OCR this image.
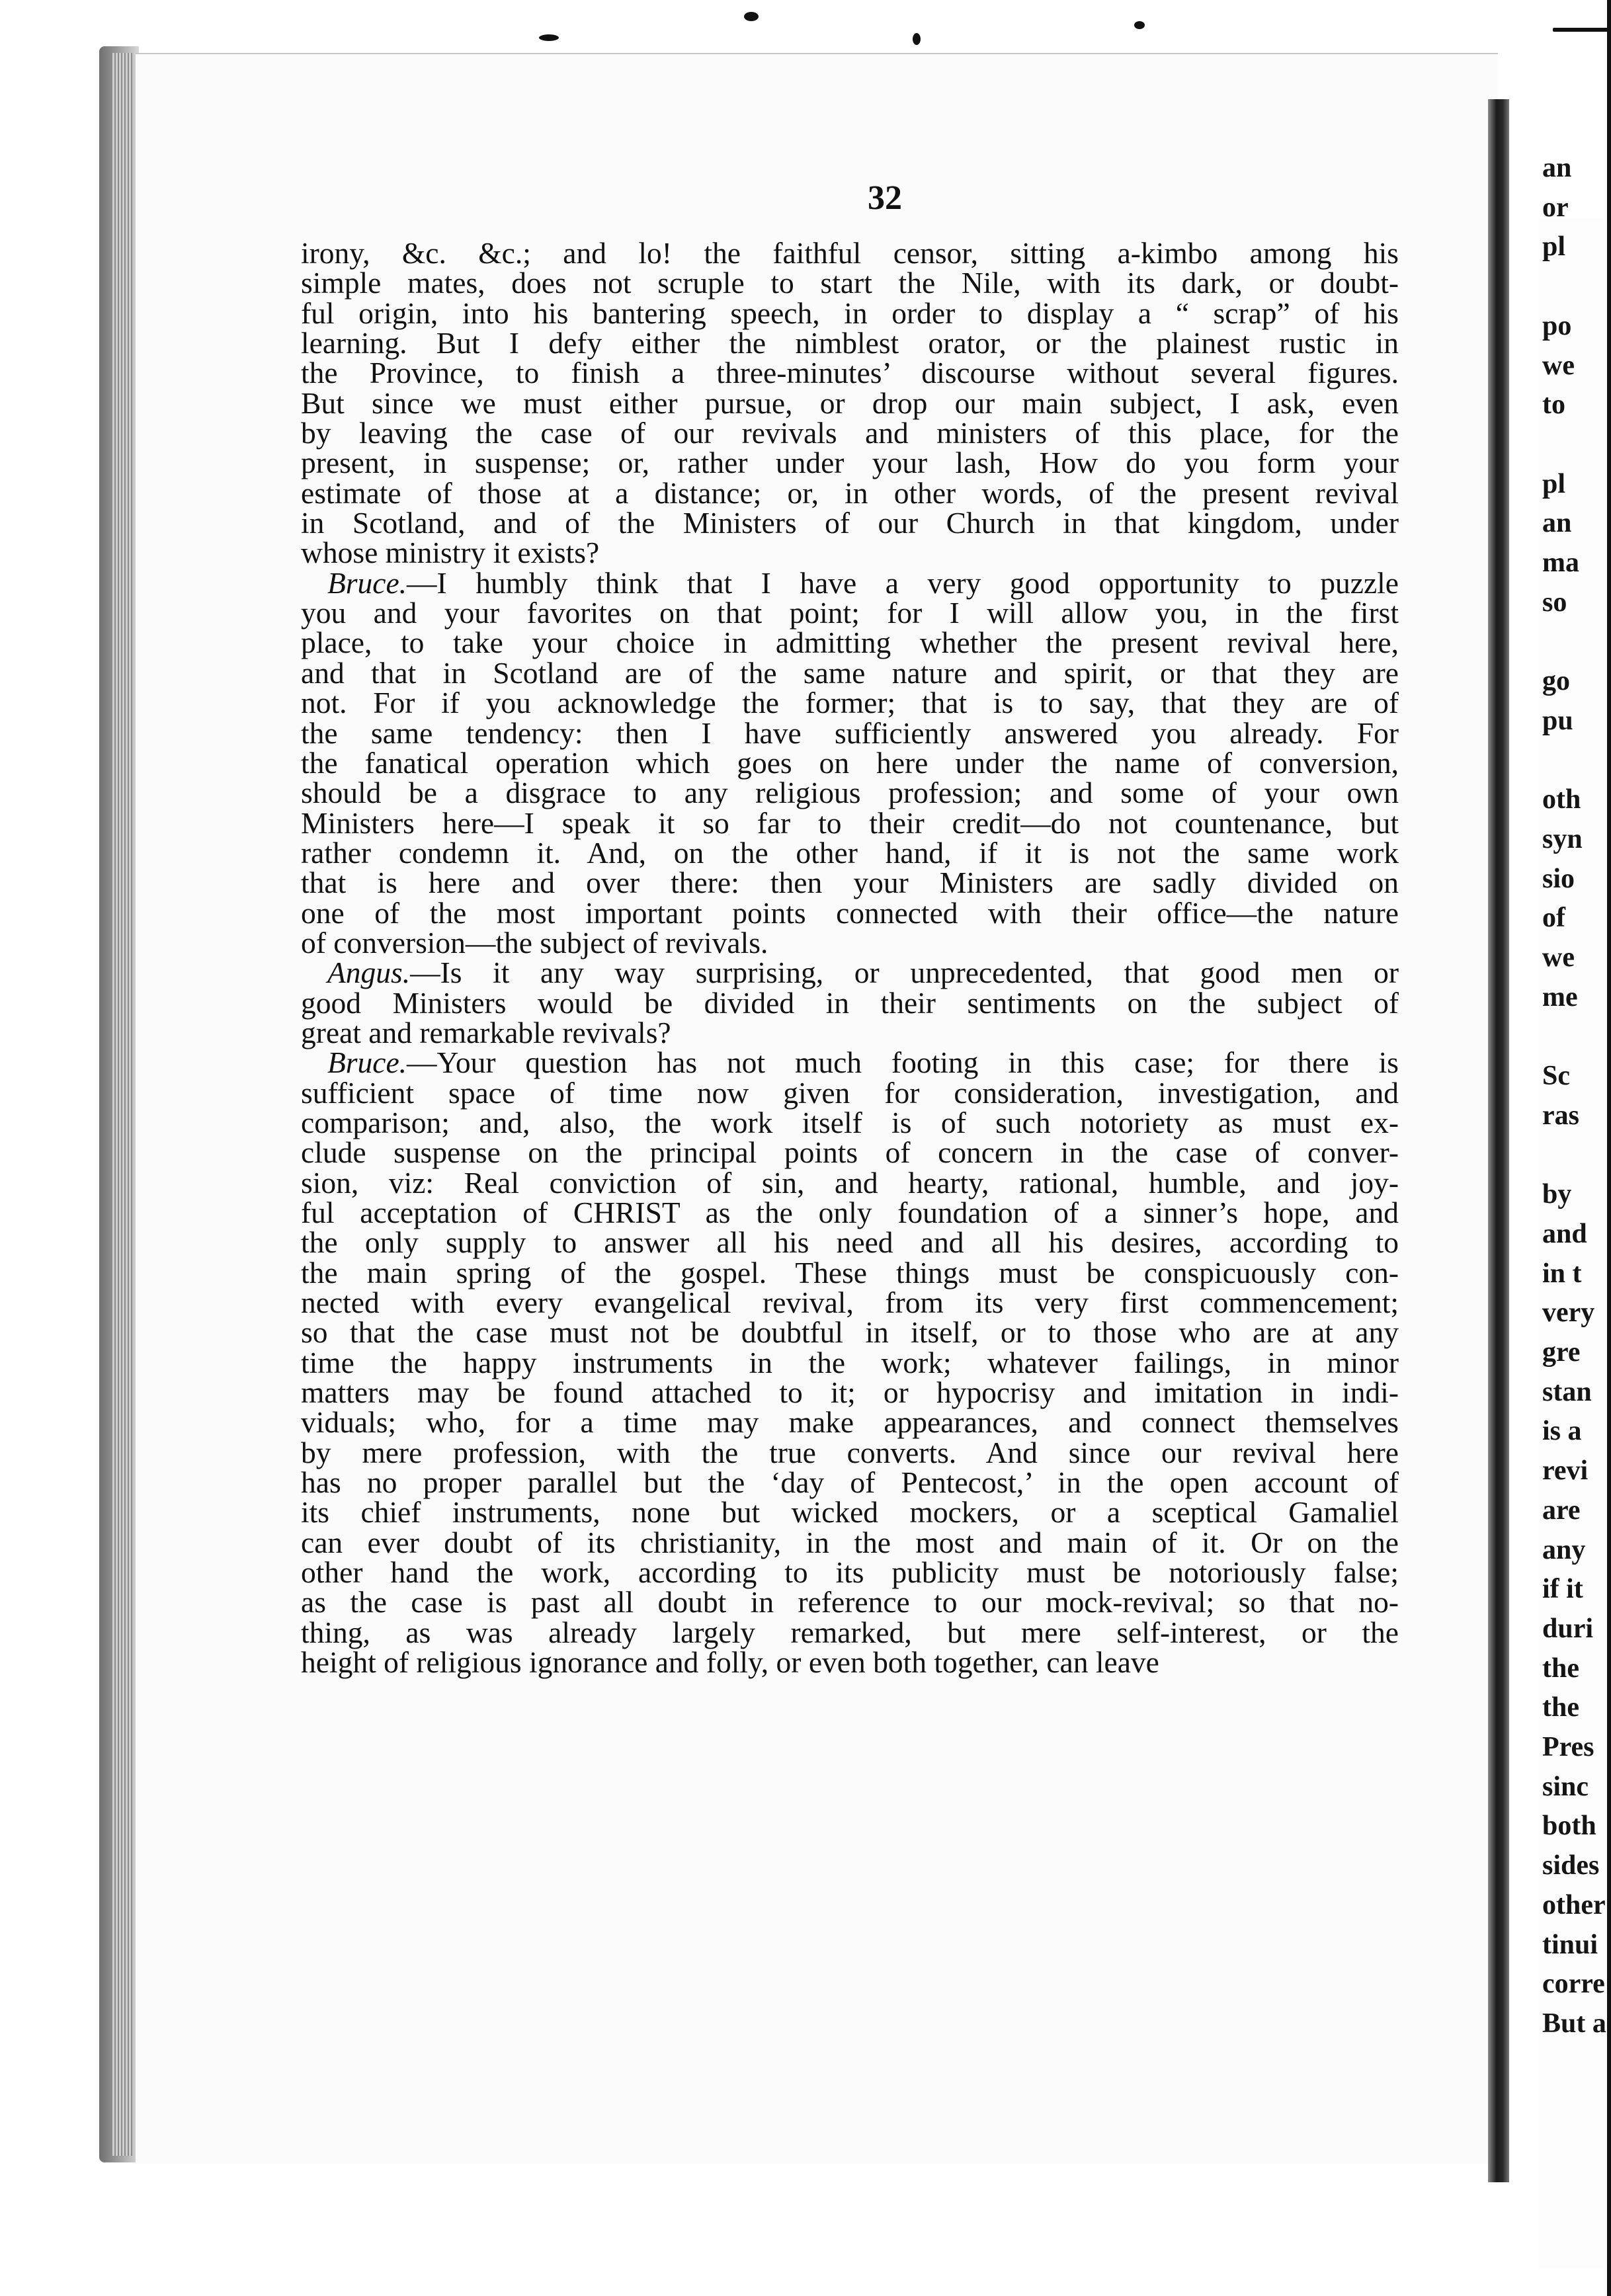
32

irony, &c. &c.; and lo! the faithful censor, sitting a-kimbo among his

simple mates, does not scruple to start the Nile, with its dark, or doubt-

ful origin, into his bantering speech, in order to display a “ scrap” of his

learning. But I defy either the nimblest orator, or the plainest rustic in

the Province, to finish a three-minutes’ discourse without several figures.

But since we must either pursue, or drop our main subject, I ask, even

by leaving the case of our revivals and ministers of this place, for the

present, in suspense; or, rather under your lash, How do you form your

estimate of those at a distance; or, in other words, of the present revival

in Scotland, and of the Ministers of our Church in that kingdom, under

whose ministry it exists?

Bruce.—I humbly think that I have a very good opportunity to puzzle

you and your favorites on that point; for I will allow you, in the first

place, to take your choice in admitting whether the present revival here,

and that in Scotland are of the same nature and spirit, or that they are

not. For if you acknowledge the former; that is to say, that they are of

the same tendency: then I have sufficiently answered you already. For

the fanatical operation which goes on here under the name of conversion,

should be a disgrace to any religious profession; and some of your own

Ministers here—I speak it so far to their credit—do not countenance, but

rather condemn it. And, on the other hand, if it is not the same work

that is here and over there: then your Ministers are sadly divided on

one of the most important points connected with their office—the nature

of conversion—the subject of revivals.

Angus.—Is it any way surprising, or unprecedented, that good men or

good Ministers would be divided in their sentiments on the subject of

great and remarkable revivals?

Bruce.—Your question has not much footing in this case; for there is

sufficient space of time now given for consideration, investigation, and

comparison; and, also, the work itself is of such notoriety as must ex-

clude suspense on the principal points of concern in the case of conver-

sion, viz: Real conviction of sin, and hearty, rational, humble, and joy-

ful acceptation of CHRIST as the only foundation of a sinner’s hope, and

the only supply to answer all his need and all his desires, according to

the main spring of the gospel. These things must be conspicuously con-

nected with every evangelical revival, from its very first commencement;

so that the case must not be doubtful in itself, or to those who are at any

time the happy instruments in the work; whatever failings, in minor

matters may be found attached to it; or hypocrisy and imitation in indi-

viduals; who, for a time may make appearances, and connect themselves

by mere profession, with the true converts. And since our revival here

has no proper parallel but the ‘day of Pentecost,’ in the open account of

its chief instruments, none but wicked mockers, or a sceptical Gamaliel

can ever doubt of its christianity, in the most and main of it. Or on the

other hand the work, according to its publicity must be notoriously false;

as the case is past all doubt in reference to our mock-revival; so that no-

thing, as was already largely remarked, but mere self-interest, or the

height of religious ignorance and folly, or even both together, can leave

an
or
pl
po
we
to
pl
an
ma
so
go
pu
oth
syn
sio
of
we
me
Sc
ras
by
and
in t
very
gre
stan
is a
revi
are
any
if it
duri
the
the
Pres
sinc
both
sides
other
tinui
corre
But a
